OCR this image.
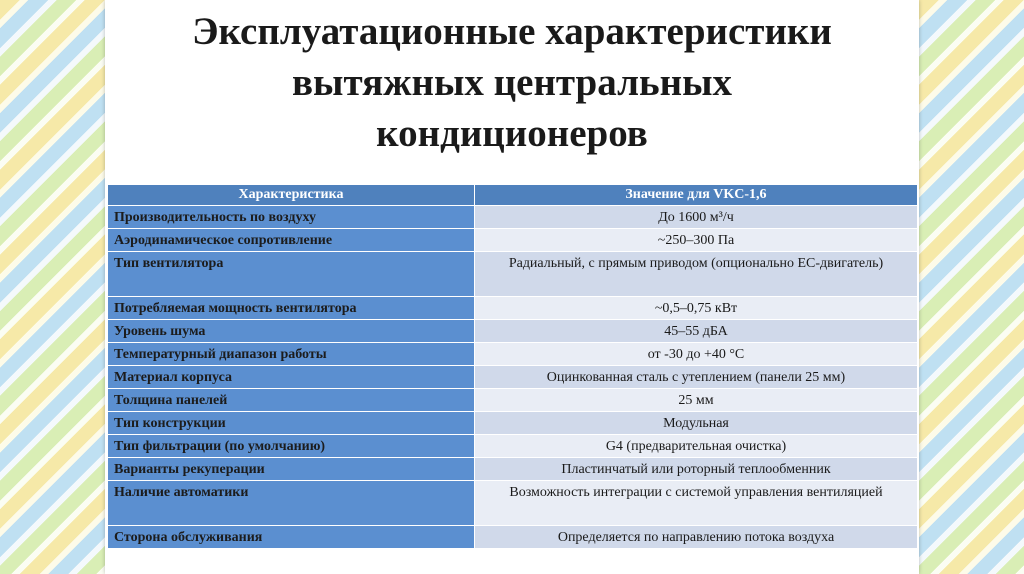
Эксплуатационные характеристики
вытяжных центральных
кондиционеров
Характеристика	Значение для VKC-1,6
Производительность по воздуху	До 1600 м³/ч
Аэродинамическое сопротивление	~250–300 Па
Тип вентилятора	Радиальный, с прямым приводом (опционально ЕС-двигатель)
Потребляемая мощность вентилятора	~0,5–0,75 кВт
Уровень шума	45–55 дБА
Температурный диапазон работы	от -30 до +40 °С
Материал корпуса	Оцинкованная сталь с утеплением (панели 25 мм)
Толщина панелей	25 мм
Тип конструкции	Модульная
Тип фильтрации (по умолчанию)	G4 (предварительная очистка)
Варианты рекуперации	Пластинчатый или роторный теплообменник
Наличие автоматики	Возможность интеграции с системой управления вентиляцией
Сторона обслуживания	Определяется по направлению потока воздуха
